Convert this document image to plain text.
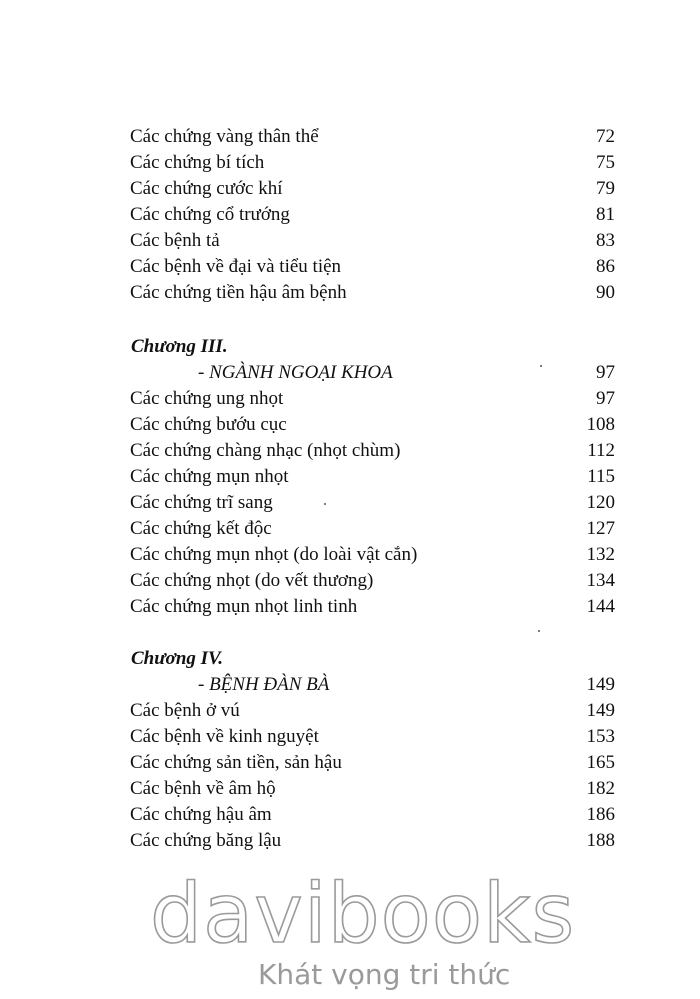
Các chứng vàng thân thể	72
Các chứng bí tích	75
Các chứng cước khí	79
Các chứng cổ trướng	81
Các bệnh tả	83
Các bệnh về đại và tiểu tiện	86
Các chứng tiền hậu âm bệnh	90
Chương III.
- NGÀNH NGOẠI KHOA	97
Các chứng ung nhọt	97
Các chứng bướu cục	108
Các chứng chàng nhạc (nhọt chùm)	112
Các chứng mụn nhọt	115
Các chứng trĩ sang	120
Các chứng kết độc	127
Các chứng mụn nhọt (do loài vật cắn)	132
Các chứng nhọt (do vết thương)	134
Các chứng mụn nhọt linh tinh	144
Chương IV.
- BỆNH ĐÀN BÀ	149
Các bệnh ở vú	149
Các bệnh về kinh nguyệt	153
Các chứng sản tiền, sản hậu	165
Các bệnh về âm hộ	182
Các chứng hậu âm	186
Các chứng băng lậu	188
davibooks
Khát vọng tri thức
